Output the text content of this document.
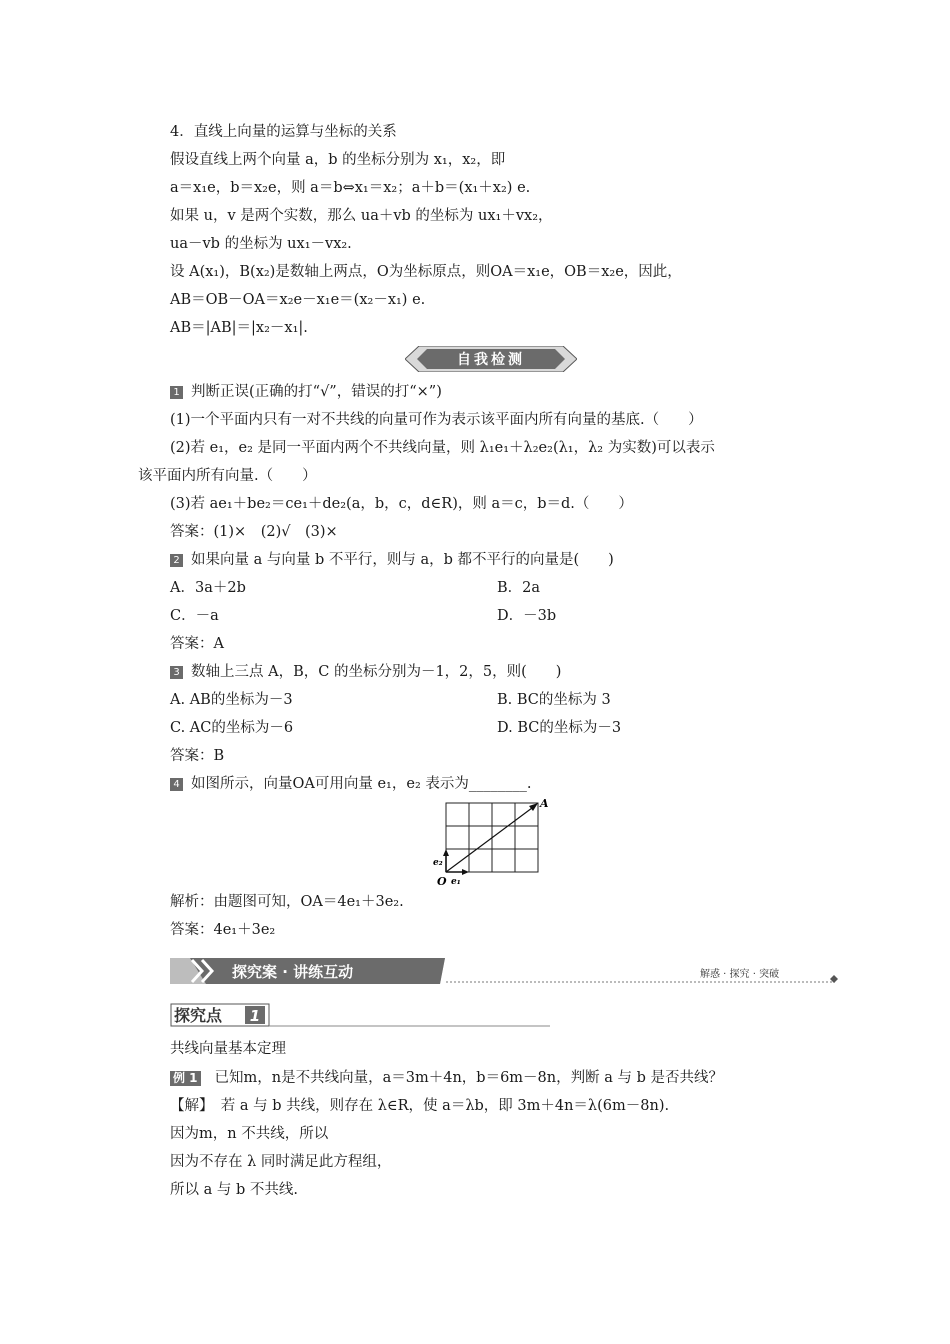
4．直线上向量的运算与坐标的关系
假设直线上两个向量 a，b 的坐标分别为 x₁，x₂，即
a＝x₁e，b＝x₂e，则 a＝b⇔x₁＝x₂；a＋b＝(x₁＋x₂) e.
如果 u，v 是两个实数，那么 ua＋vb 的坐标为 ux₁＋vx₂，
ua－vb 的坐标为 ux₁－vx₂.
设 A(x₁)，B(x₂)是数轴上两点，O为坐标原点，则OA＝x₁e，OB＝x₂e，因此，
AB＝OB－OA＝x₂e－x₁e＝(x₂－x₁) e.
AB＝|AB|＝|x₂－x₁|.
自我检测
1 判断正误(正确的打“√”，错误的打“×”)
(1)一个平面内只有一对不共线的向量可作为表示该平面内所有向量的基底.（　　）
(2)若 e₁，e₂ 是同一平面内两个不共线向量，则 λ₁e₁＋λ₂e₂(λ₁，λ₂ 为实数)可以表示
该平面内所有向量.（　　）
(3)若 ae₁＋be₂＝ce₁＋de₂(a，b，c，d∈R)，则 a＝c，b＝d.（　　）
答案：(1)×　(2)√　(3)×
2 如果向量 a 与向量 b 不平行，则与 a，b 都不平行的向量是(　　)
A．3a＋2b	B．2a
C．－a	D．－3b
答案：A
3 数轴上三点 A，B，C 的坐标分别为－1，2，5，则(　　)
A. AB的坐标为－3	B. BC的坐标为 3
C. AC的坐标为－6	D. BC的坐标为－3
答案：B
4 如图所示，向量OA可用向量 e₁，e₂ 表示为________.
A
O e₁
e₂
解析：由题图可知，OA＝4e₁＋3e₂.
答案：4e₁＋3e₂
探究案 · 讲练互动	解惑 · 探究 · 突破
探究点 1
共线向量基本定理
例 1 已知m，n是不共线向量，a＝3m＋4n，b＝6m－8n，判断 a 与 b 是否共线？
【解】　若 a 与 b 共线，则存在 λ∈R，使 a＝λb，即 3m＋4n＝λ(6m－8n).
因为m，n 不共线，所以
因为不存在 λ 同时满足此方程组，
所以 a 与 b 不共线.
